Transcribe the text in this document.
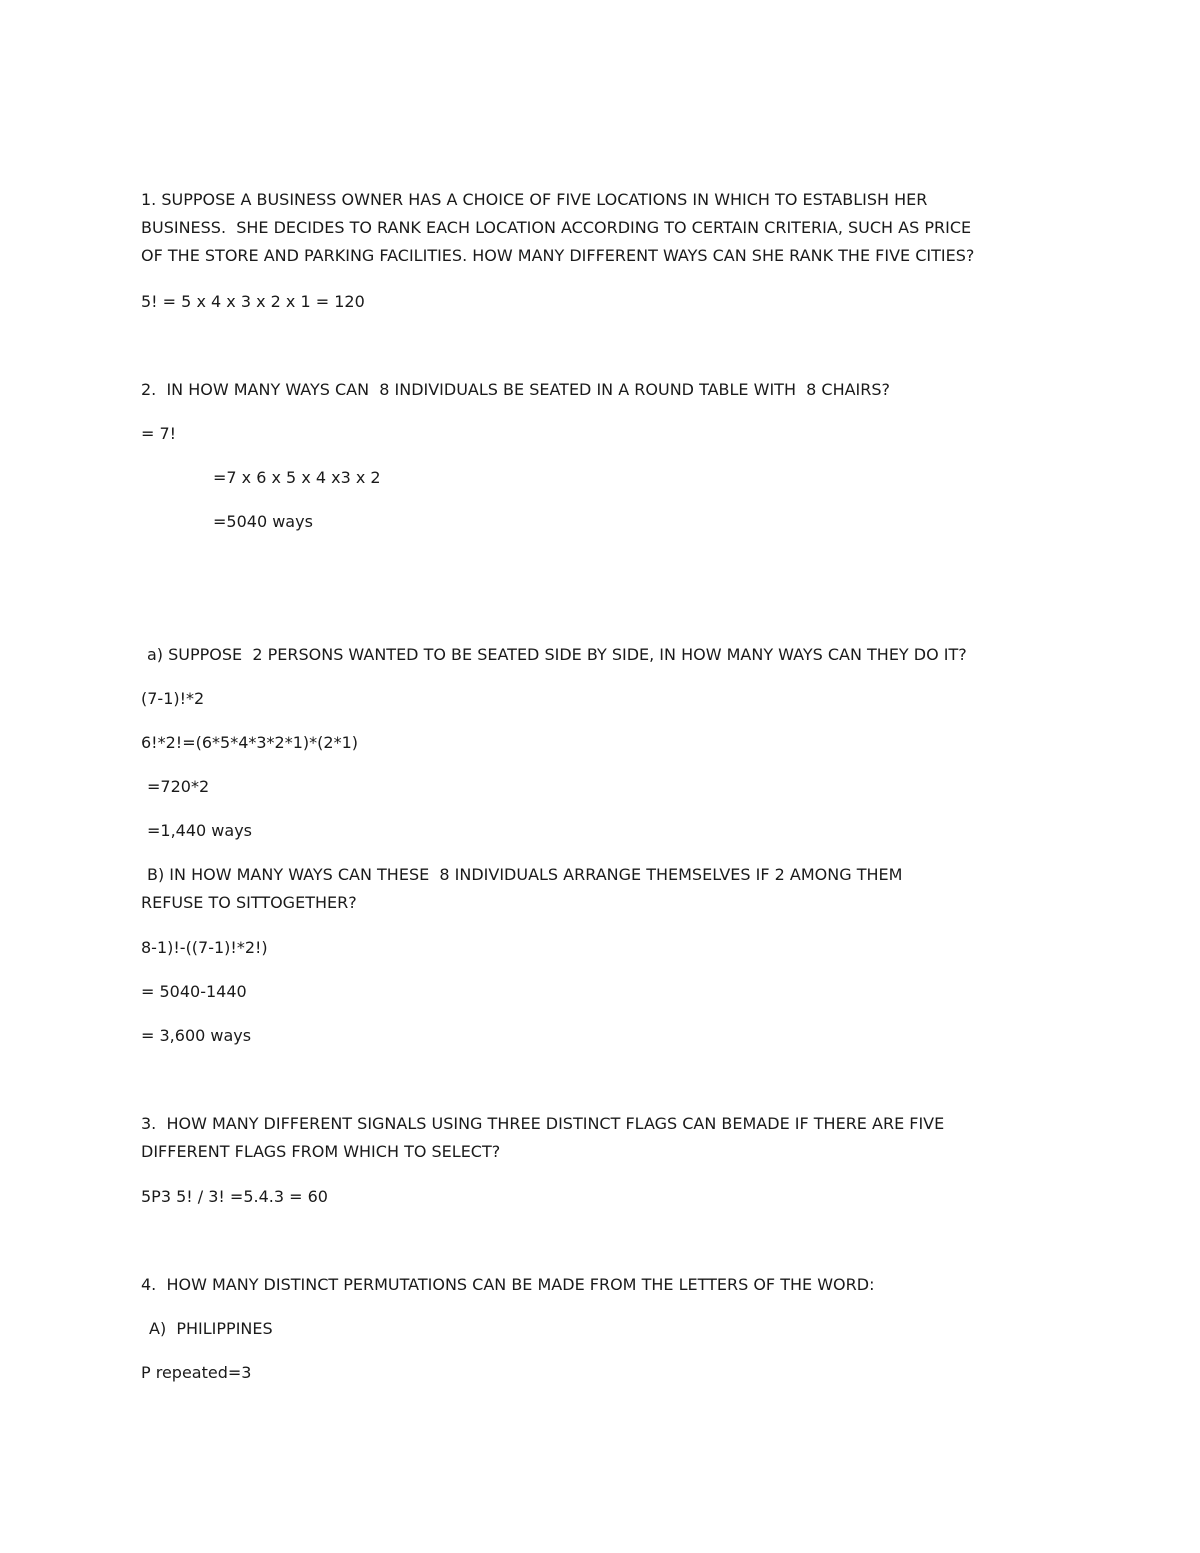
1. SUPPOSE A BUSINESS OWNER HAS A CHOICE OF FIVE LOCATIONS IN WHICH TO ESTABLISH HER

BUSINESS.  SHE DECIDES TO RANK EACH LOCATION ACCORDING TO CERTAIN CRITERIA, SUCH AS PRICE

OF THE STORE AND PARKING FACILITIES. HOW MANY DIFFERENT WAYS CAN SHE RANK THE FIVE CITIES?

5! = 5 x 4 x 3 x 2 x 1 = 120

2.  IN HOW MANY WAYS CAN  8 INDIVIDUALS BE SEATED IN A ROUND TABLE WITH  8 CHAIRS?

= 7!

=7 x 6 x 5 x 4 x3 x 2

=5040 ways

a) SUPPOSE  2 PERSONS WANTED TO BE SEATED SIDE BY SIDE, IN HOW MANY WAYS CAN THEY DO IT?

(7-1)!*2

6!*2!=(6*5*4*3*2*1)*(2*1)

=720*2

=1,440 ways

B) IN HOW MANY WAYS CAN THESE  8 INDIVIDUALS ARRANGE THEMSELVES IF 2 AMONG THEM

REFUSE TO SITTOGETHER?

8-1)!-((7-1)!*2!)

= 5040-1440

= 3,600 ways

3.  HOW MANY DIFFERENT SIGNALS USING THREE DISTINCT FLAGS CAN BEMADE IF THERE ARE FIVE

DIFFERENT FLAGS FROM WHICH TO SELECT?

5P3 5! / 3! =5.4.3 = 60

4.  HOW MANY DISTINCT PERMUTATIONS CAN BE MADE FROM THE LETTERS OF THE WORD:

A)  PHILIPPINES

P repeated=3
